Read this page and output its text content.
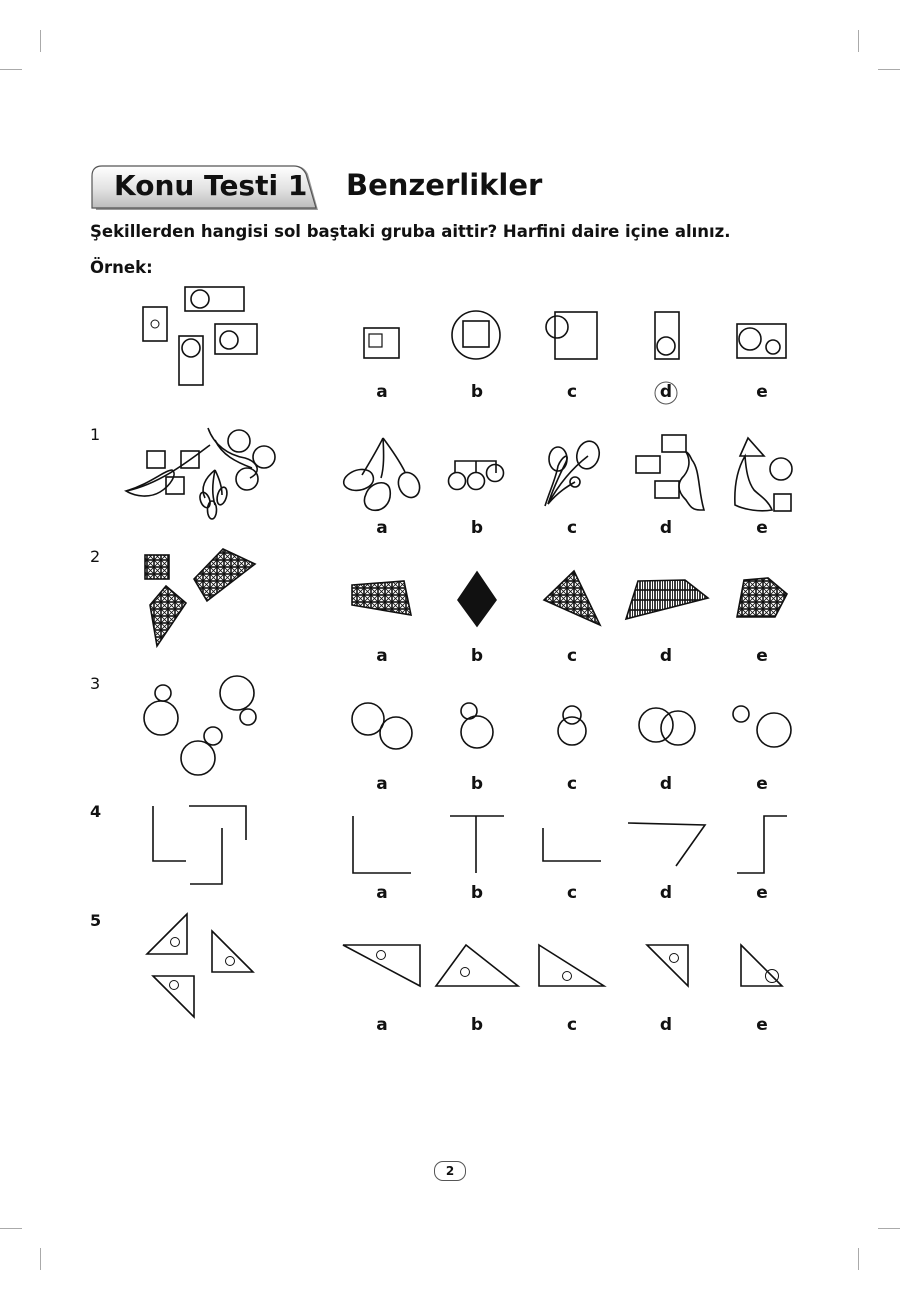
Konu Testi 1 Benzerlikler
Şekillerden hangisi sol baştaki gruba aittir? Harfini daire içine alınız.
Örnek:
1
2
3
4
5
a	b	c	d	e
a	b	c	d	e
a	b	c	d	e
a	b	c	d	e
a	b	c	d	e
a	b	c	d	e
2
